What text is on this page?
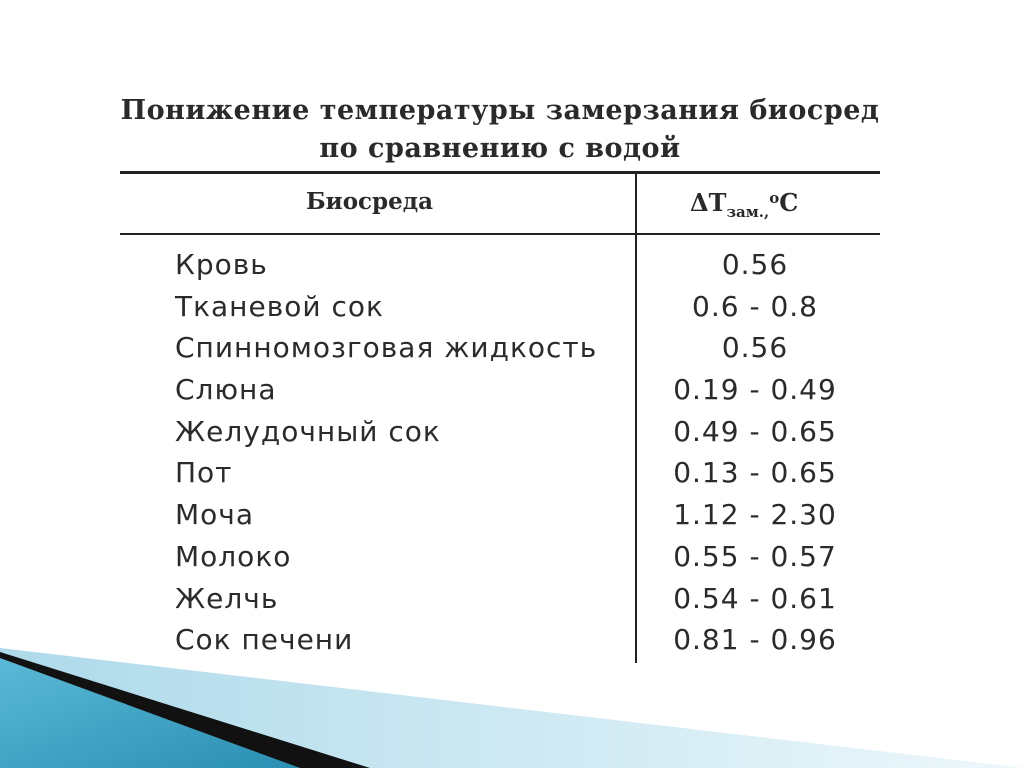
Понижение температуры замерзания биосред
по сравнению с водой
Биосреда	$\Delta T_{зам.,}^oC$
Кровь	0.56
Тканевой сок	0.6 - 0.8
Спинномозговая жидкость	0.56
Слюна	0.19 - 0.49
Желудочный сок	0.49 - 0.65
Пот	0.13 - 0.65
Моча	1.12 - 2.30
Молоко	0.55 - 0.57
Желчь	0.54 - 0.61
Сок печени	0.81 - 0.96
